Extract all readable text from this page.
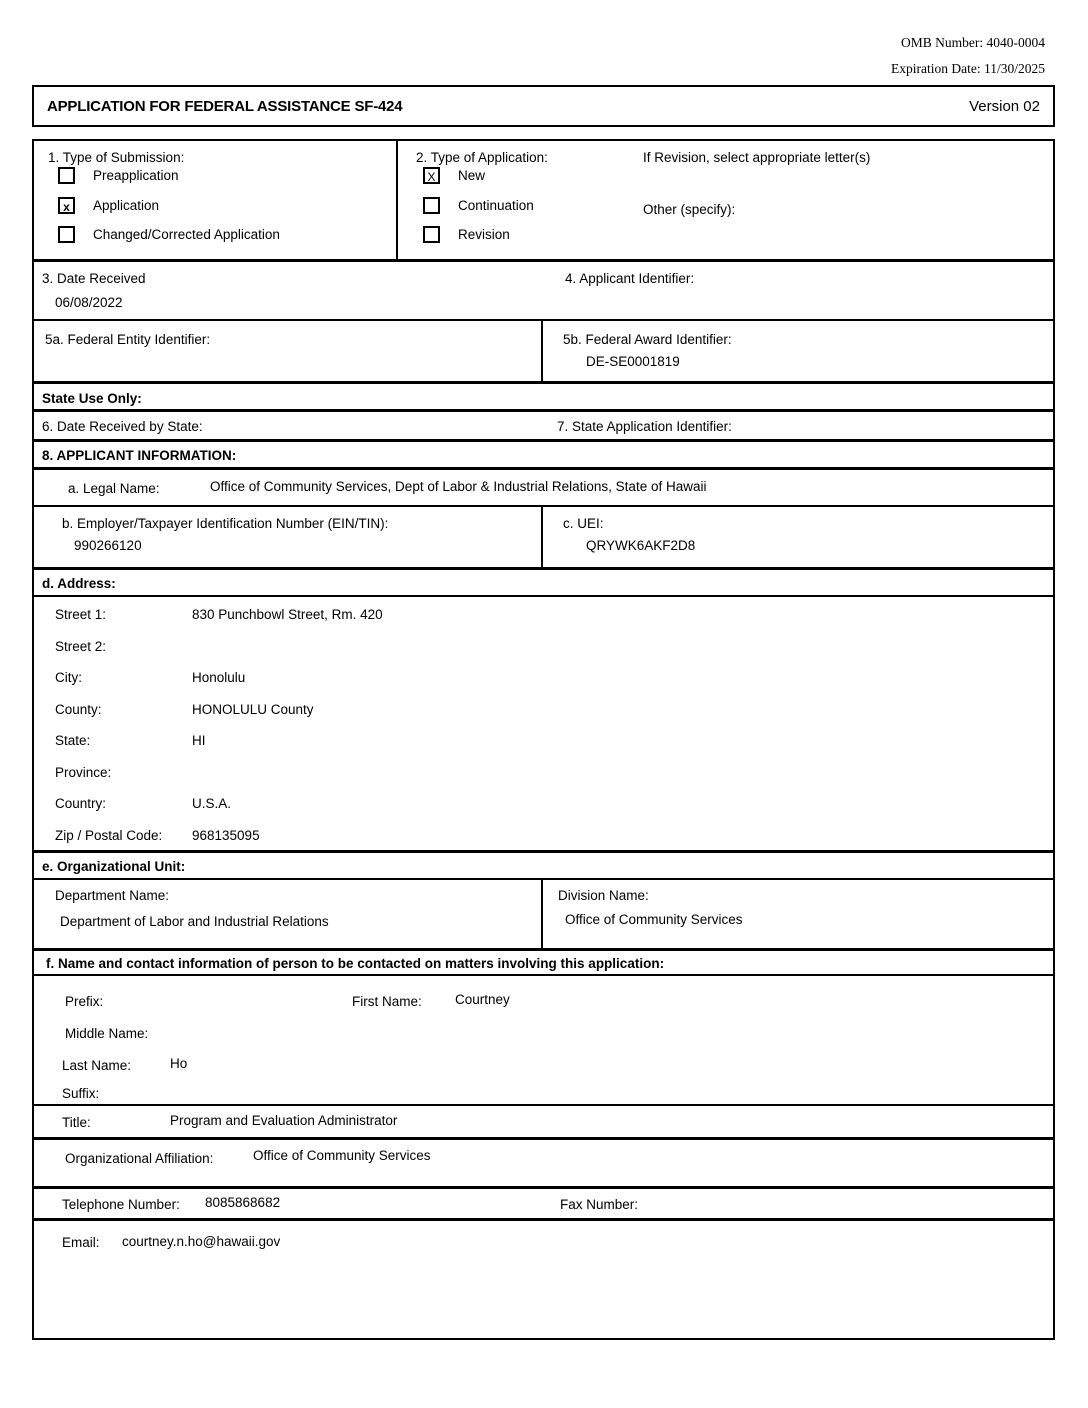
OMB Number: 4040-0004
Expiration Date: 11/30/2025
APPLICATION FOR FEDERAL ASSISTANCE SF-424	Version 02
1. Type of Submission:
Preapplication
x	Application
Changed/Corrected Application
2. Type of Application:	If Revision, select appropriate letter(s)
X	New
Continuation	Other (specify):
Revision
3. Date Received
06/08/2022
4. Applicant Identifier:
5a. Federal Entity Identifier:	5b. Federal Award Identifier:
DE-SE0001819
State Use Only:
6. Date Received by State:	7. State Application Identifier:
8. APPLICANT INFORMATION:
a. Legal Name:	Office of Community Services, Dept of Labor & Industrial Relations, State of Hawaii
b. Employer/Taxpayer Identification Number (EIN/TIN):
990266120
c. UEI:
QRYWK6AKF2D8
d. Address:
Street 1:	830 Punchbowl Street, Rm. 420
Street 2:
City:	Honolulu
County:	HONOLULU County
State:	HI
Province:
Country:	U.S.A.
Zip / Postal Code:	968135095
e. Organizational Unit:
Department Name:
Department of Labor and Industrial Relations
Division Name:
Office of Community Services
f. Name and contact information of person to be contacted on matters involving this application:
Prefix:	First Name: Courtney
Middle Name:
Last Name:	Ho
Suffix:
Title:	Program and Evaluation Administrator
Organizational Affiliation:	Office of Community Services
Telephone Number: 8085868682	Fax Number:
Email: courtney.n.ho@hawaii.gov
